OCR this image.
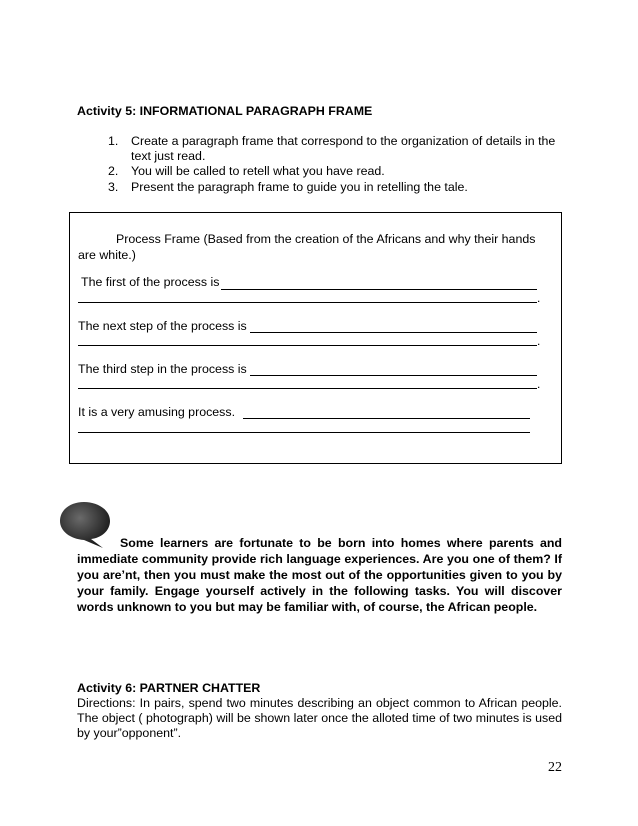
Activity 5: INFORMATIONAL PARAGRAPH FRAME
1. Create a paragraph frame that correspond to the organization of details in the text just read.
2. You will be called to retell what you have read.
3. Present the paragraph frame to guide you in retelling the tale.
Process Frame (Based from the creation of the Africans and why their hands are white.)
The first of the process is
.
The next step of the process is
.
The third step in the process is
.
It is a very amusing process.
Some learners are fortunate to be born into homes where parents and immediate community provide rich language experiences. Are you one of them? If you are’nt, then you must make the most out of the opportunities given to you by your family. Engage yourself actively in the following tasks. You will discover words unknown to you but may be familiar with, of course, the African people.
Activity 6: PARTNER CHATTER
Directions: In pairs, spend two minutes describing an object common to African people. The object ( photograph) will be shown later once the alloted time of two minutes is used by your”opponent”.
22
